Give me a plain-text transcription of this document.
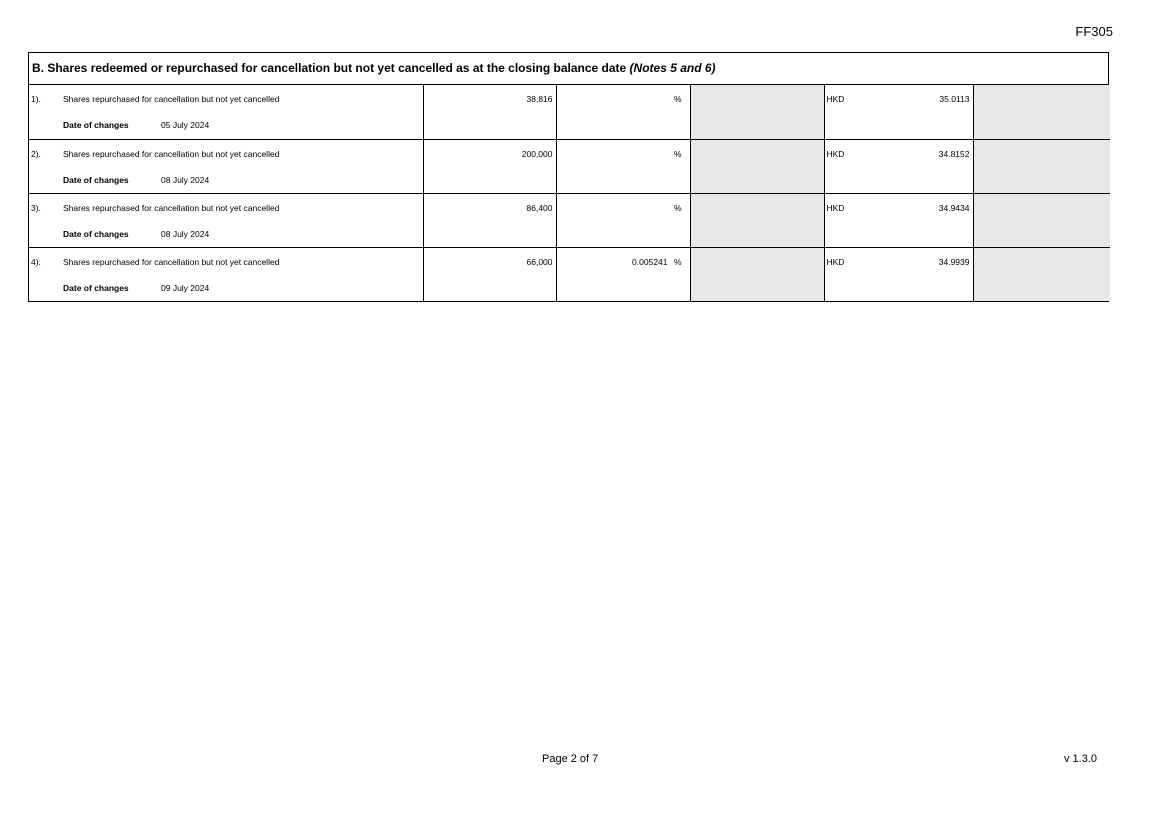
FF305
B. Shares redeemed or repurchased for cancellation but not yet cancelled as at the closing balance date (Notes 5 and 6)
1). Shares repurchased for cancellation but not yet cancelled
Date of changes 05 July 2024	38,816	%		HKD 35.0113	

2). Shares repurchased for cancellation but not yet cancelled
Date of changes 08 July 2024	200,000	%		HKD 34.8152	

3). Shares repurchased for cancellation but not yet cancelled
Date of changes 08 July 2024	86,400	%		HKD 34.9434	

4). Shares repurchased for cancellation but not yet cancelled
Date of changes 09 July 2024	66,000	0.005241 %		HKD 34.9939	

Page 2 of 7	v 1.3.0
